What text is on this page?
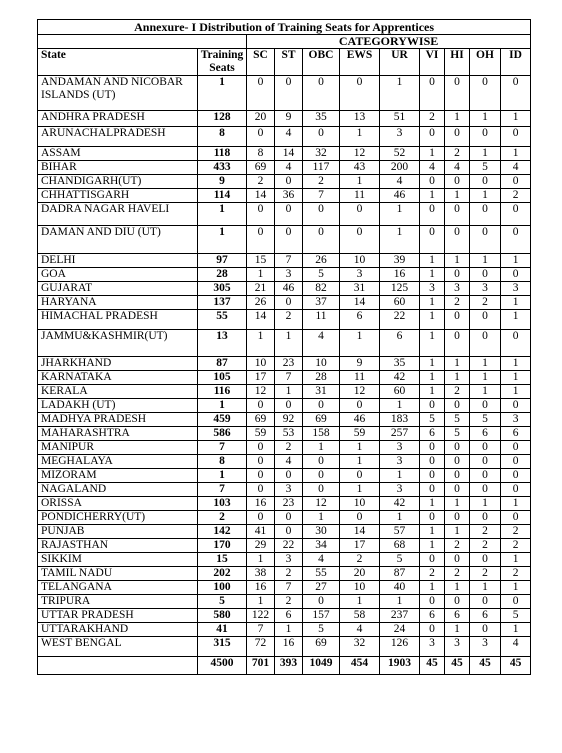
Annexure- I Distribution of Training Seats for Apprentices										
		CATEGORYWISE								
State	Training Seats	SC	ST	OBC	EWS	UR	VI	HI	OH	ID
ANDAMAN AND NICOBAR ISLANDS (UT)	1	0	0	0	0	1	0	0	0	0
ANDHRA PRADESH	128	20	9	35	13	51	2	1	1	1
ARUNACHALPRADESH	8	0	4	0	1	3	0	0	0	0
ASSAM	118	8	14	32	12	52	1	2	1	1
BIHAR	433	69	4	117	43	200	4	4	5	4
CHANDIGARH(UT)	9	2	0	2	1	4	0	0	0	0
CHHATTISGARH	114	14	36	7	11	46	1	1	1	2
DADRA NAGAR HAVELI	1	0	0	0	0	1	0	0	0	0
DAMAN AND DIU (UT)	1	0	0	0	0	1	0	0	0	0
DELHI	97	15	7	26	10	39	1	1	1	1
GOA	28	1	3	5	3	16	1	0	0	0
GUJARAT	305	21	46	82	31	125	3	3	3	3
HARYANA	137	26	0	37	14	60	1	2	2	1
HIMACHAL PRADESH	55	14	2	11	6	22	1	0	0	1
JAMMU&KASHMIR(UT)	13	1	1	4	1	6	1	0	0	0
JHARKHAND	87	10	23	10	9	35	1	1	1	1
KARNATAKA	105	17	7	28	11	42	1	1	1	1
KERALA	116	12	1	31	12	60	1	2	1	1
LADAKH (UT)	1	0	0	0	0	1	0	0	0	0
MADHYA PRADESH	459	69	92	69	46	183	5	5	5	3
MAHARASHTRA	586	59	53	158	59	257	6	5	6	6
MANIPUR	7	0	2	1	1	3	0	0	0	0
MEGHALAYA	8	0	4	0	1	3	0	0	0	0
MIZORAM	1	0	0	0	0	1	0	0	0	0
NAGALAND	7	0	3	0	1	3	0	0	0	0
ORISSA	103	16	23	12	10	42	1	1	1	1
PONDICHERRY(UT)	2	0	0	1	0	1	0	0	0	0
PUNJAB	142	41	0	30	14	57	1	1	2	2
RAJASTHAN	170	29	22	34	17	68	1	2	2	2
SIKKIM	15	1	3	4	2	5	0	0	0	1
TAMIL NADU	202	38	2	55	20	87	2	2	2	2
TELANGANA	100	16	7	27	10	40	1	1	1	1
TRIPURA	5	1	2	0	1	1	0	0	0	0
UTTAR PRADESH	580	122	6	157	58	237	6	6	6	5
UTTARAKHAND	41	7	1	5	4	24	0	1	0	1
WEST BENGAL	315	72	16	69	32	126	3	3	3	4
	4500	701	393	1049	454	1903	45	45	45	45
